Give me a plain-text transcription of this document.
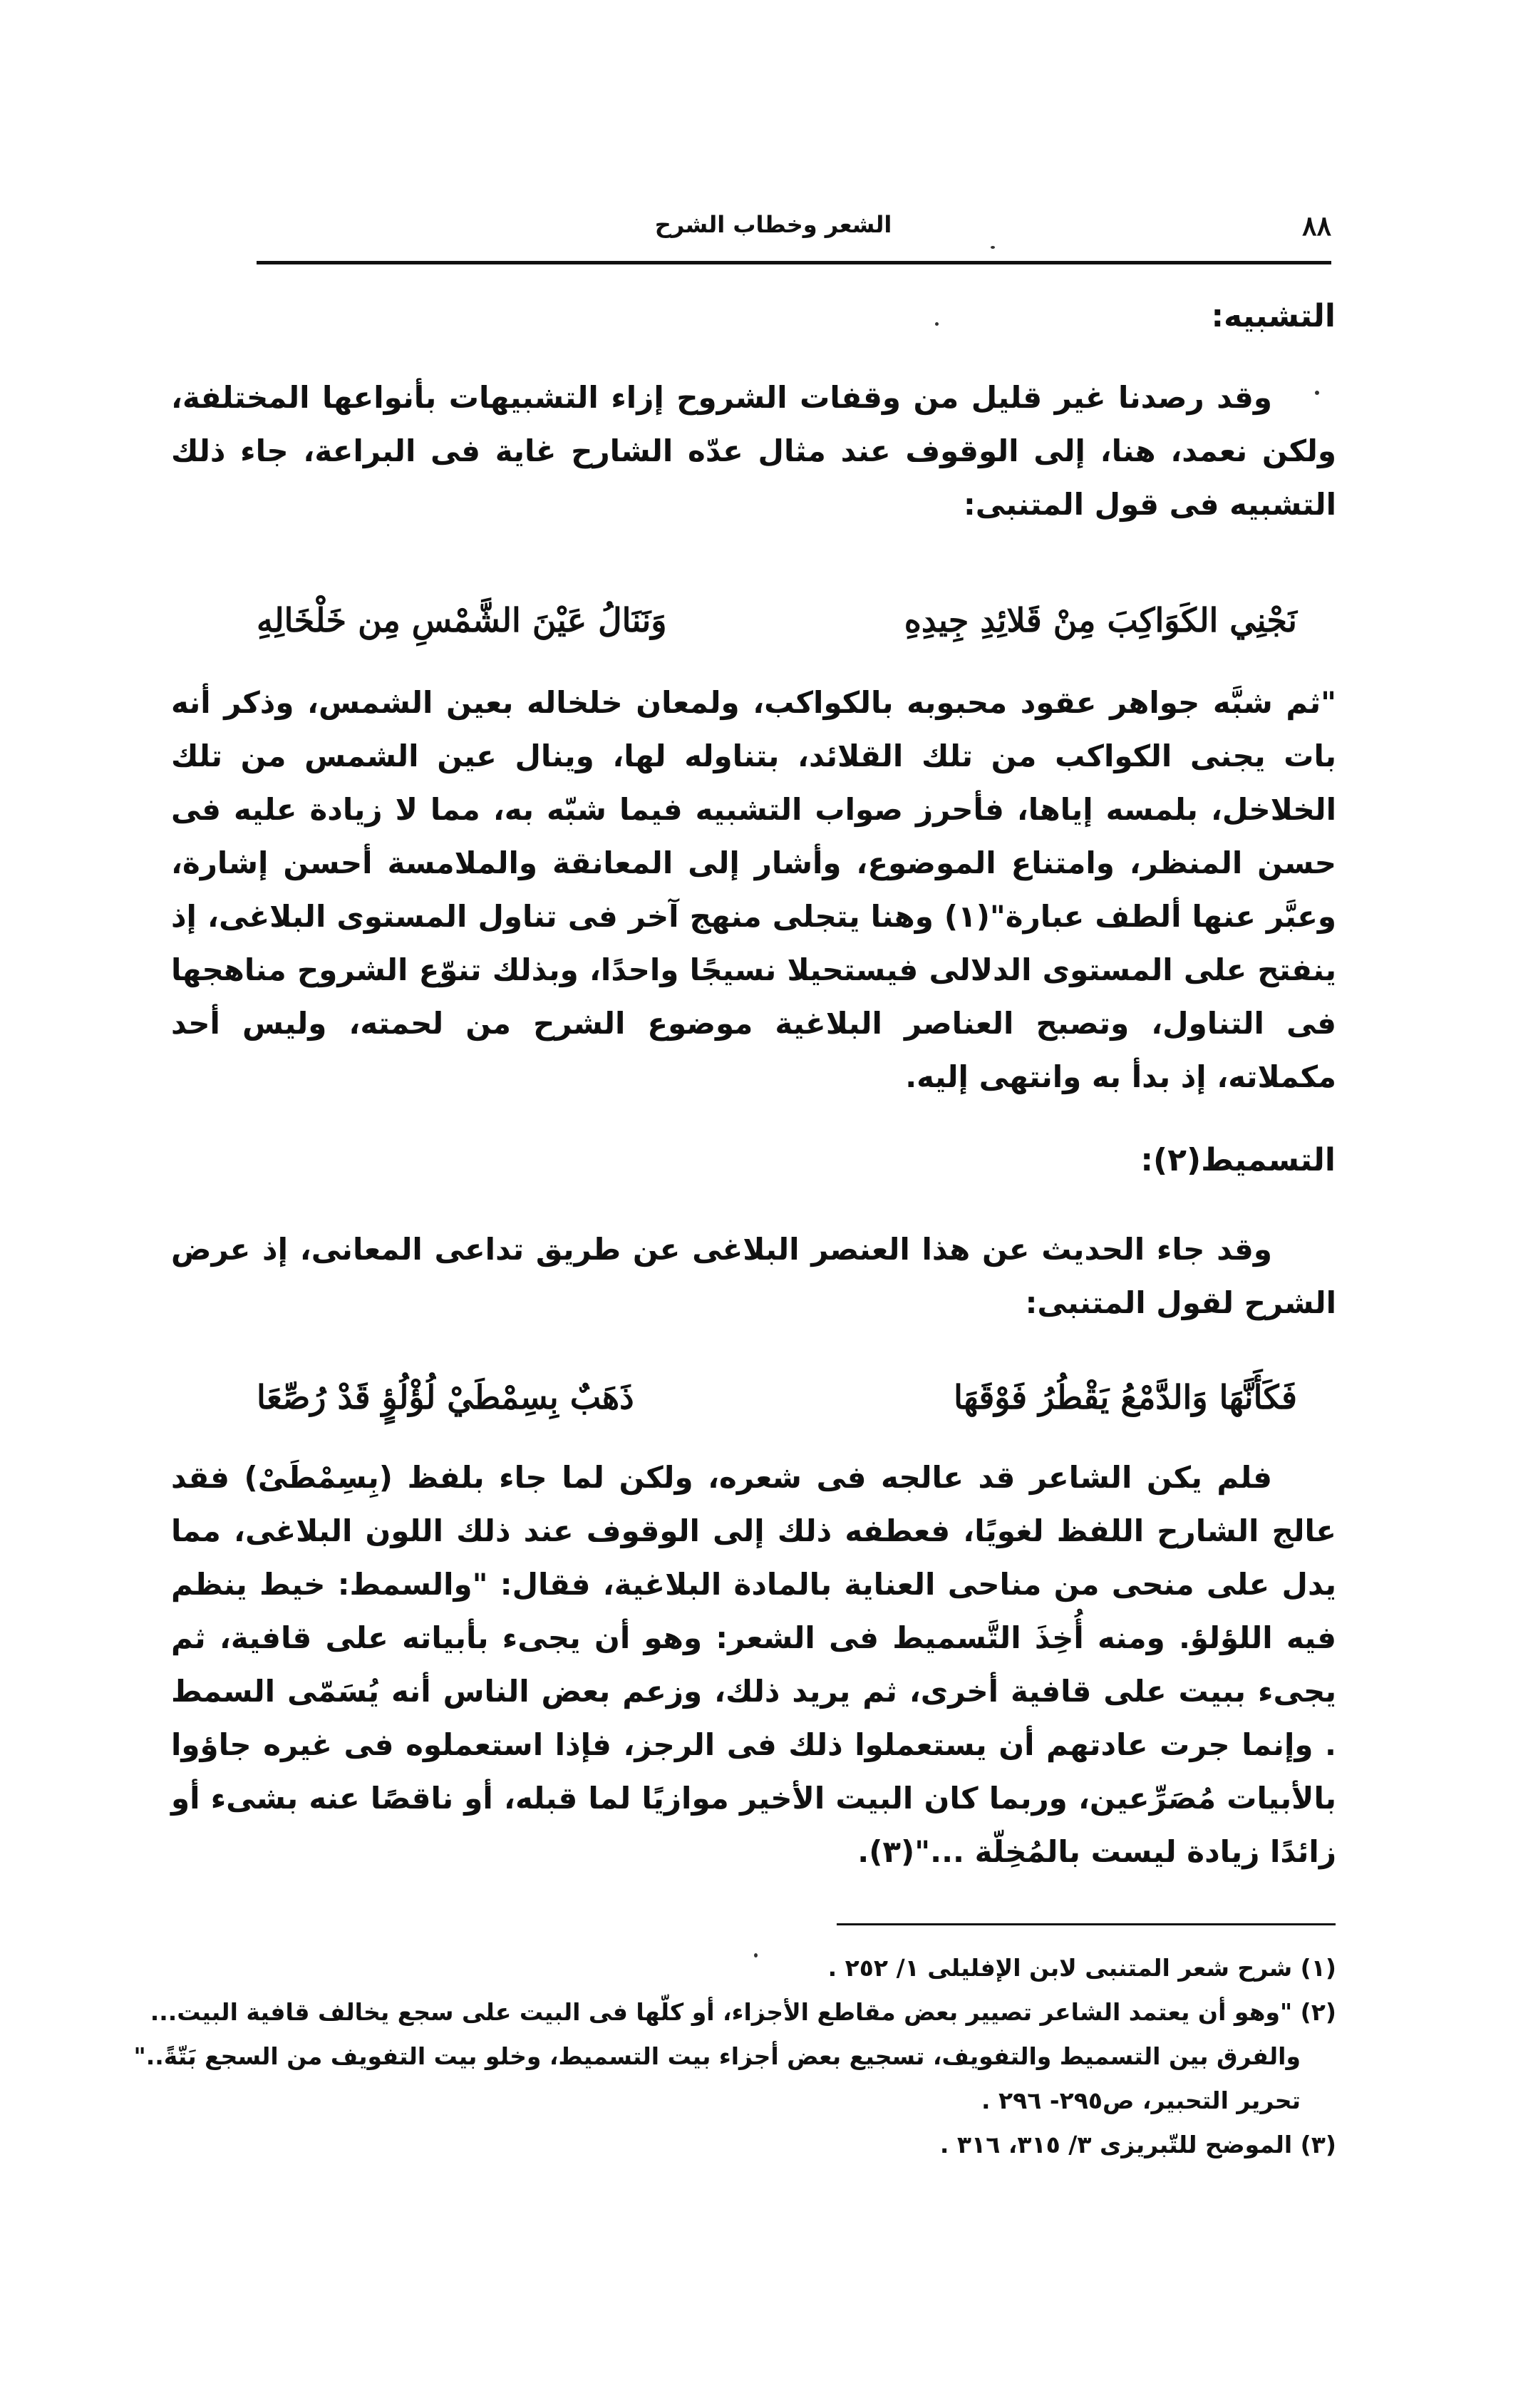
٨٨
الشعر وخطاب الشرح
التشبيه:

وقد رصدنا غير قليل من وقفات الشروح إزاء التشبيهات بأنواعها المختلفة، ولكن نعمد، هنا، إلى الوقوف عند مثال عدّه الشارح غاية فى البراعة، جاء ذلك التشبيه فى قول المتنبى:

نَجْنِي الكَوَاكِبَ مِنْ قَلائِدِ جِيدِهِ
وَنَنَالُ عَيْنَ الشَّمْسِ مِن خَلْخَالِهِ

"ثم شبَّه جواهر عقود محبوبه بالكواكب، ولمعان خلخاله بعين الشمس، وذكر أنه بات يجنى الكواكب من تلك القلائد، بتناوله لها، وينال عين الشمس من تلك الخلاخل، بلمسه إياها، فأحرز صواب التشبيه فيما شبّه به، مما لا زيادة عليه فى حسن المنظر، وامتناع الموضوع، وأشار إلى المعانقة والملامسة أحسن إشارة، وعبَّر عنها ألطف عبارة"(١) وهنا يتجلى منهج آخر فى تناول المستوى البلاغى، إذ ينفتح على المستوى الدلالى فيستحيلا نسيجًا واحدًا، وبذلك تنوّع الشروح مناهجها فى التناول، وتصبح العناصر البلاغية موضوع الشرح من لحمته، وليس أحد مكملاته، إذ بدأ به وانتهى إليه.

التسميط(٢):

وقد جاء الحديث عن هذا العنصر البلاغى عن طريق تداعى المعانى، إذ عرض الشرح لقول المتنبى:

فَكَأَنَّهَا وَالدَّمْعُ يَقْطُرُ فَوْقَهَا
ذَهَبٌ بِسِمْطَيْ لُؤْلُؤٍ قَدْ رُصِّعَا

فلم يكن الشاعر قد عالجه فى شعره، ولكن لما جاء بلفظ (بِسِمْطَىْ) فقد عالج الشارح اللفظ لغويًا، فعطفه ذلك إلى الوقوف عند ذلك اللون البلاغى، مما يدل على منحى من مناحى العناية بالمادة البلاغية، فقال: "والسمط: خيط ينظم فيه اللؤلؤ. ومنه أُخِذَ التَّسميط فى الشعر: وهو أن يجىء بأبياته على قافية، ثم يجىء ببيت على قافية أخرى، ثم يريد ذلك، وزعم بعض الناس أنه يُسَمّى السمط . وإنما جرت عادتهم أن يستعملوا ذلك فى الرجز، فإذا استعملوه فى غيره جاؤوا بالأبيات مُصَرِّعين، وربما كان البيت الأخير موازيًا لما قبله، أو ناقصًا عنه بشىء أو زائدًا زيادة ليست بالمُخِلّة ..."(٣).

(١) شرح شعر المتنبى لابن الإفليلى ١/ ٢٥٢ .
(٢) "وهو أن يعتمد الشاعر تصيير بعض مقاطع الأجزاء، أو كلّها فى البيت على سجع يخالف قافية البيت...
والفرق بين التسميط والتفويف، تسجيع بعض أجزاء بيت التسميط، وخلو بيت التفويف من السجع بَتّةً.."
تحرير التحبير، ص٢٩٥- ٢٩٦ .
(٣) الموضح للتّبريزى ٣/ ٣١٥، ٣١٦ .
